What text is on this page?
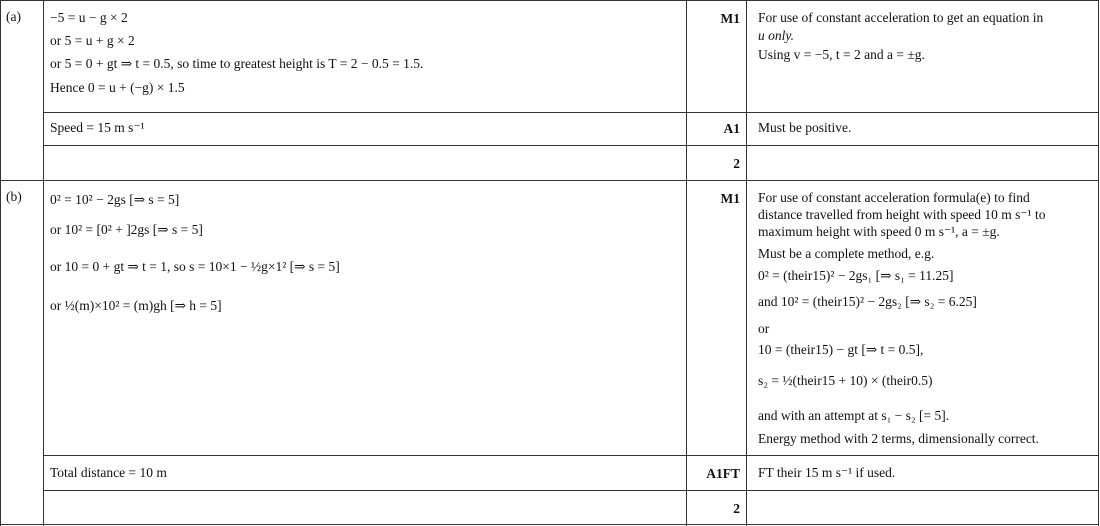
(a) −5 = u − g × 2
or 5 = u + g × 2
or 5 = 0 + gt ⇒ t = 0.5, so time to greatest height is T = 2 − 0.5 = 1.5.
Hence 0 = u + (−g) × 1.5
M1 For use of constant acceleration to get an equation in
u only.
Using v = −5, t = 2 and a = ±g.
Speed = 15 m s⁻¹	A1 Must be positive.
2
(b) 0² = 10² − 2gs [⇒ s = 5]
or 10² = [0² + ]2gs [⇒ s = 5]
or 10 = 0 + gt ⇒ t = 1, so s = 10×1 − ½g×1² [⇒ s = 5]
or ½(m)×10² = (m)gh [⇒ h = 5]
M1 For use of constant acceleration formula(e) to find
distance travelled from height with speed 10 m s⁻¹ to
maximum height with speed 0 m s⁻¹, a = ±g.
Must be a complete method, e.g.
0² = (their15)² − 2gs₁ [⇒ s₁ = 11.25]
and 10² = (their15)² − 2gs₂ [⇒ s₂ = 6.25]
or
10 = (their15) − gt [⇒ t = 0.5],
s₂ = ½(their15 + 10) × (their0.5)
and with an attempt at s₁ − s₂ [= 5].
Energy method with 2 terms, dimensionally correct.
Total distance = 10 m	A1FT FT their 15 m s⁻¹ if used.
2
